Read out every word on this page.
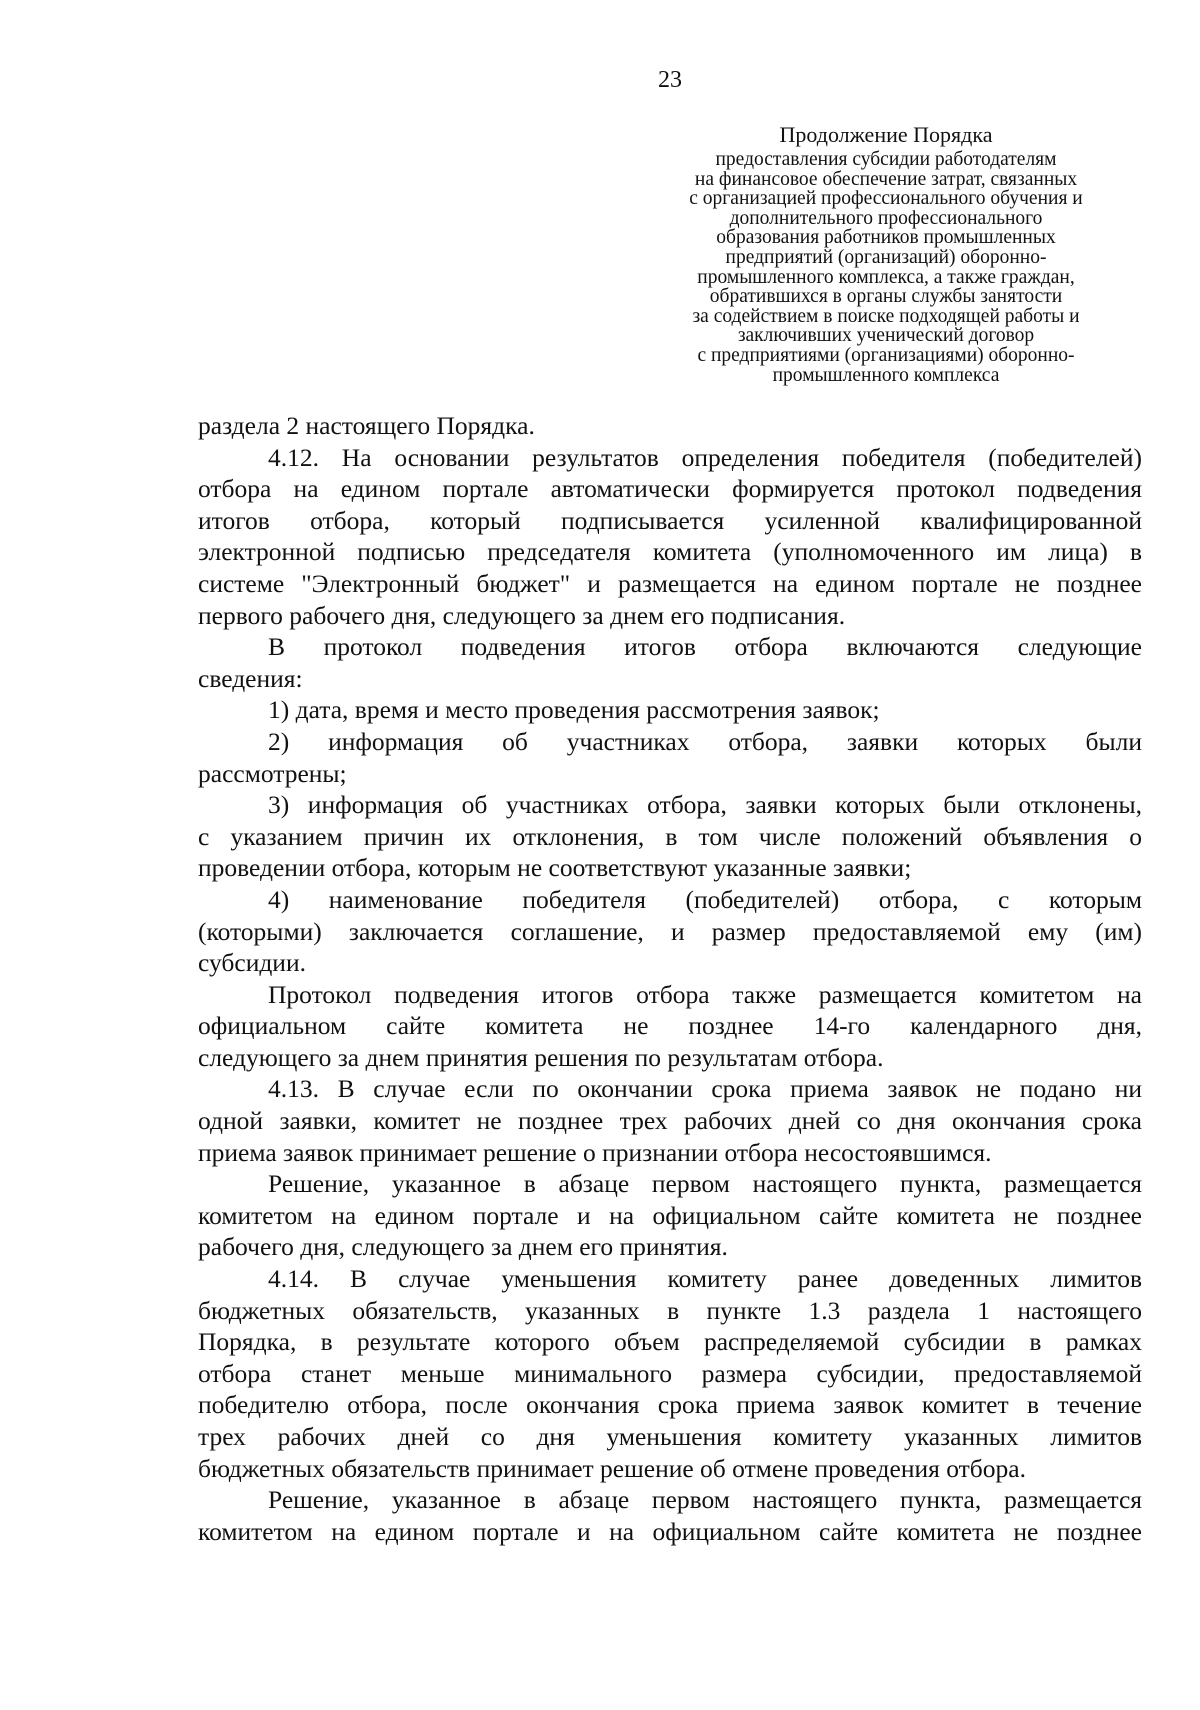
23
Продолжение Порядка
предоставления субсидии работодателям
на финансовое обеспечение затрат, связанных
с организацией профессионального обучения и
дополнительного профессионального
образования работников промышленных
предприятий (организаций) оборонно-
промышленного комплекса, а также граждан,
обратившихся в органы службы занятости
за содействием в поиске подходящей работы и
заключивших ученический договор
с предприятиями (организациями) оборонно-
промышленного комплекса
раздела 2 настоящего Порядка.
4.12. На основании результатов определения победителя (победителей)
отбора на едином портале автоматически формируется протокол подведения
итогов отбора, который подписывается усиленной квалифицированной
электронной подписью председателя комитета (уполномоченного им лица) в
системе "Электронный бюджет" и размещается на едином портале не позднее
первого рабочего дня, следующего за днем его подписания.
В протокол подведения итогов отбора включаются следующие
сведения:
1) дата, время и место проведения рассмотрения заявок;
2) информация об участниках отбора, заявки которых были
рассмотрены;
3) информация об участниках отбора, заявки которых были отклонены,
с указанием причин их отклонения, в том числе положений объявления о
проведении отбора, которым не соответствуют указанные заявки;
4) наименование победителя (победителей) отбора, с которым
(которыми) заключается соглашение, и размер предоставляемой ему (им)
субсидии.
Протокол подведения итогов отбора также размещается комитетом на
официальном сайте комитета не позднее 14-го календарного дня,
следующего за днем принятия решения по результатам отбора.
4.13. В случае если по окончании срока приема заявок не подано ни
одной заявки, комитет не позднее трех рабочих дней со дня окончания срока
приема заявок принимает решение о признании отбора несостоявшимся.
Решение, указанное в абзаце первом настоящего пункта, размещается
комитетом на едином портале и на официальном сайте комитета не позднее
рабочего дня, следующего за днем его принятия.
4.14. В случае уменьшения комитету ранее доведенных лимитов
бюджетных обязательств, указанных в пункте 1.3 раздела 1 настоящего
Порядка, в результате которого объем распределяемой субсидии в рамках
отбора станет меньше минимального размера субсидии, предоставляемой
победителю отбора, после окончания срока приема заявок комитет в течение
трех рабочих дней со дня уменьшения комитету указанных лимитов
бюджетных обязательств принимает решение об отмене проведения отбора.
Решение, указанное в абзаце первом настоящего пункта, размещается
комитетом на едином портале и на официальном сайте комитета не позднее
